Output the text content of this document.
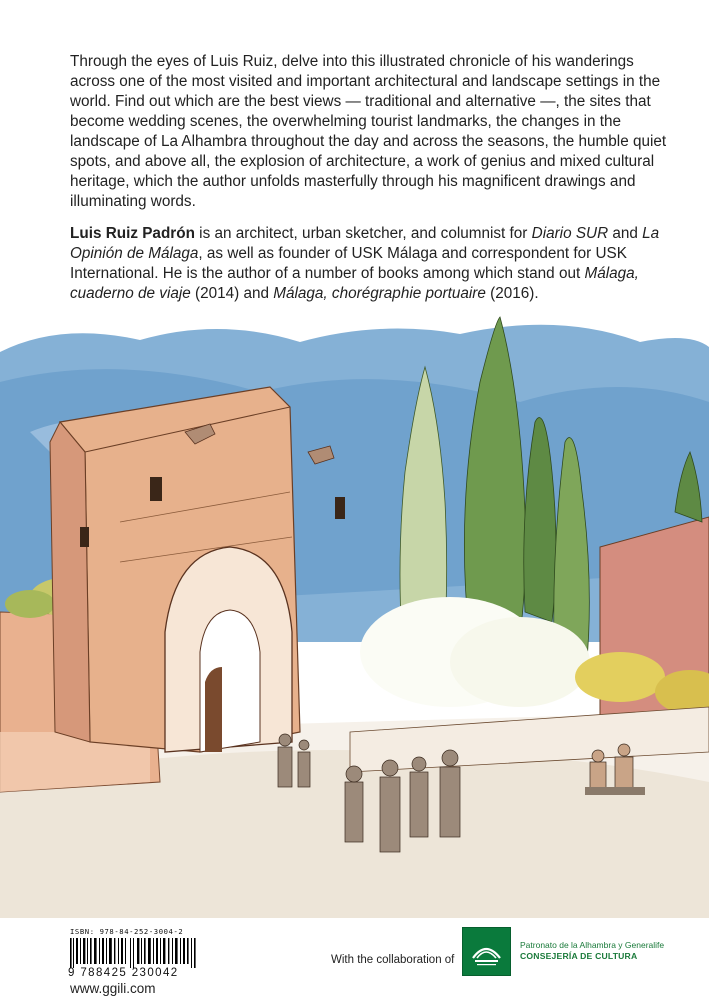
Through the eyes of Luis Ruiz, delve into this illustrated chronicle of his wanderings across one of the most visited and important architectural and landscape settings in the world. Find out which are the best views — traditional and alternative —, the sites that become wedding scenes, the overwhelming tourist landmarks, the changes in the landscape of La Alhambra throughout the day and across the seasons, the humble quiet spots, and above all, the explosion of architecture, a work of genius and mixed cultural heritage, which the author unfolds masterfully through his magnificent drawings and illuminating words.

Luis Ruiz Padrón is an architect, urban sketcher, and columnist for Diario SUR and La Opinión de Málaga, as well as founder of USK Málaga and correspondent for USK International. He is the author of a number of books among which stand out Málaga, cuaderno de viaje (2014) and Málaga, chorégraphie portuaire (2016).

ISBN: 978-84-252-3004-2
9 788425 230042
www.ggili.com
With the collaboration of
Patronato de la Alhambra y Generalife
CONSEJERÍA DE CULTURA
